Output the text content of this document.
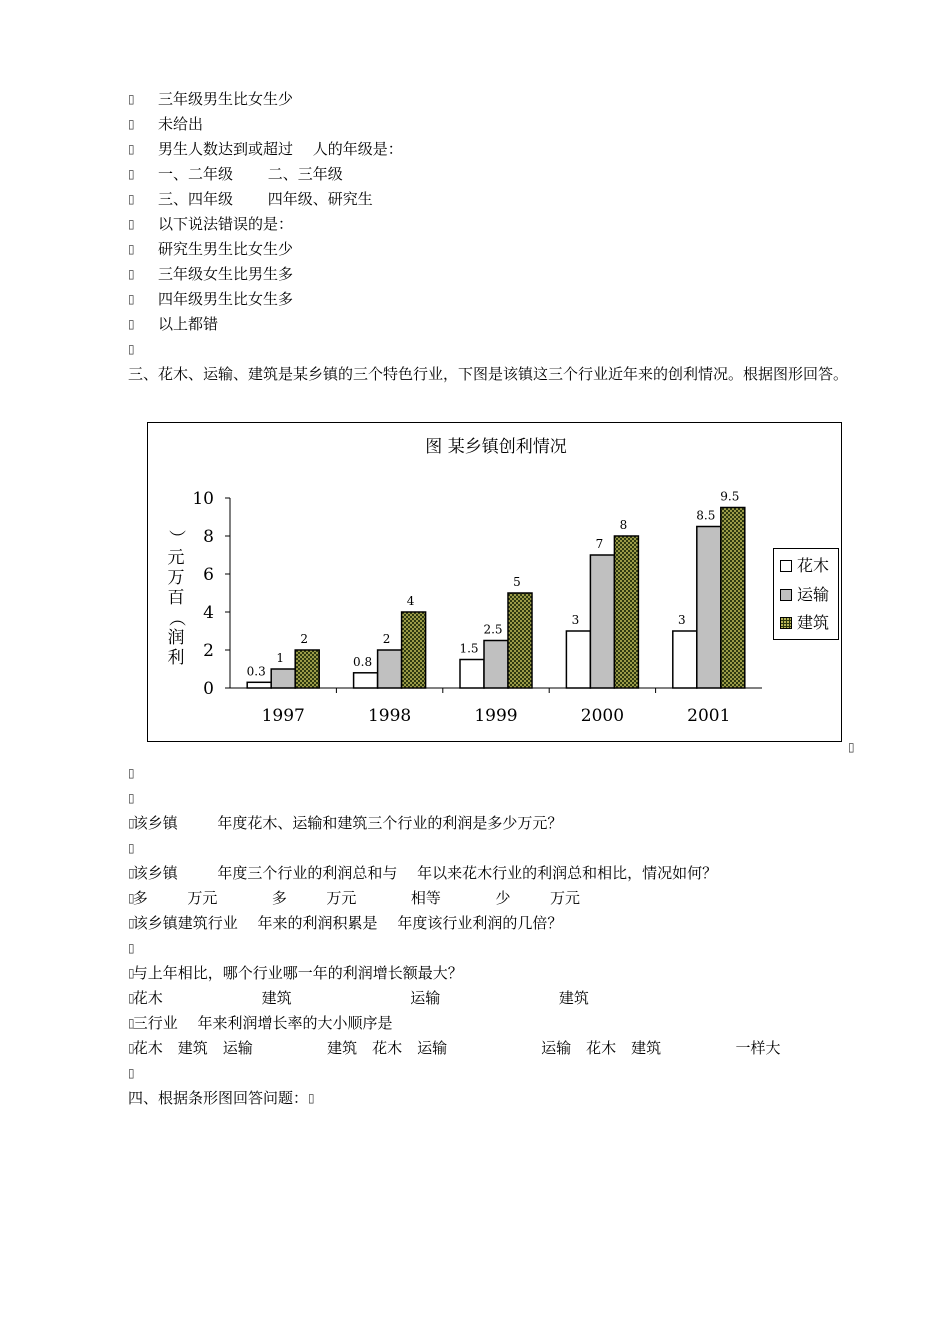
▯
　　 三年级男生比女生少
▯
　　 未给出
▯
　　 男生人数达到或超过 　人的年级是：
▯
　　 一、二年级　 　二、三年级
▯
　　 三、四年级　 　四年级、研究生
▯
　　 以下说法错误的是：
▯
　　 研究生男生比女生少
▯
　　 三年级女生比男生多
▯
　　 四年级男生比女生多
▯
　　 以上都错
▯
三、花木、运输、建筑是某乡镇的三个特色行业，下图是该镇这三个行业近年来的创利情况。根据图形回答。
图 某乡镇创利情况
0
2
4
6
8
10
1997
0.3
1
2
1998
0.8
2
4
1999
1.5
2.5
5
2000
3
7
8
2001
3
8.5
9.5
）
元
万
百
（
润
利
花木
运输
建筑
▯
▯
▯
▯
该乡镇 　 　年度花木、运输和建筑三个行业的利润是多少万元？
▯

▯
该乡镇 　 　年度三个行业的利润总和与 　年以来花木行业的利润总和相比，情况如何？
▯
多 　 　万元　 　 　多 　 　万元　 　 　相等　 　 　少 　 　万元
▯
该乡镇建筑行业 　年来的利润积累是 　年度该行业利润的几倍？
▯

▯
与上年相比，哪个行业哪一年的利润增长额最大？
▯
花木 　 　 　 　 　建筑 　 　 　 　 　 　运输 　 　 　 　 　 　建筑 　 　 　 　 　
▯
三行业 　年来利润增长率的大小顺序是
▯
花木　建筑　运输　 　 　 　建筑　花木　运输　 　 　 　 　运输　花木　建筑　 　 　 　一样大
▯
四、根据条形图回答问题： ▯
